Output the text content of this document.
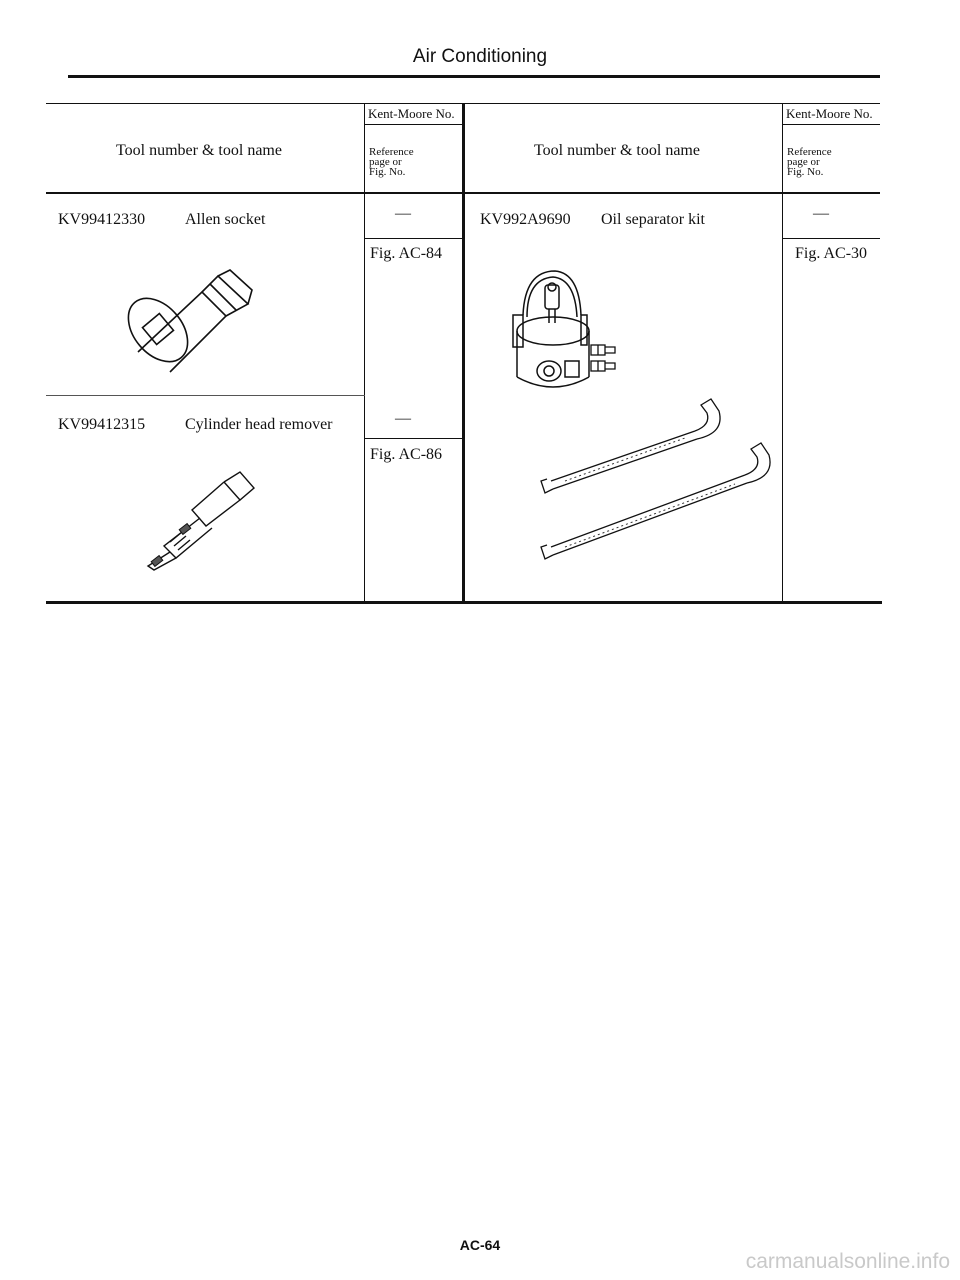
Air Conditioning
Tool number & tool name
Kent-Moore No.
Reference
page or
Fig. No.
Tool number & tool name
Kent-Moore No.
Reference
page or
Fig. No.
KV99412330 Allen socket	—
Fig. AC-84
KV99412315 Cylinder head remover	—
Fig. AC-86
KV992A9690 Oil separator kit	—
Fig. AC-30
AC-64
carmanualsonline.info
